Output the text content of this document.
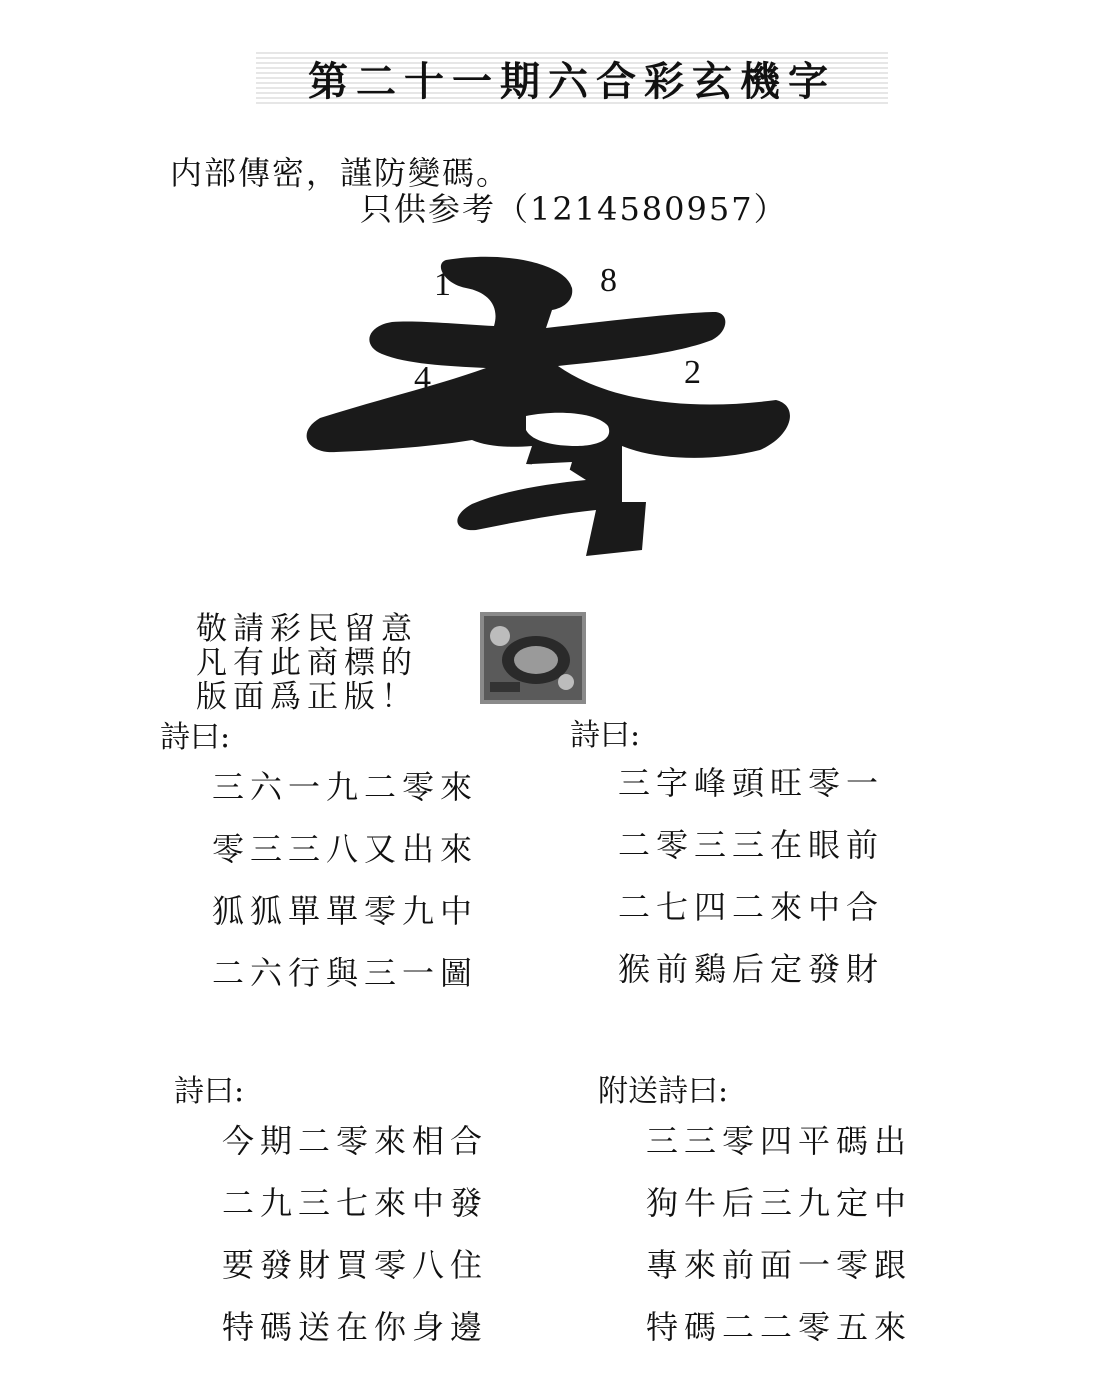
第二十一期六合彩玄機字
内部傳密，謹防變碼。
只供参考（1214580957）
1	8
4	2
敬請彩民留意
凡有此商標的
版面爲正版！
詩曰:
三六一九二零來
零三三八又出來
狐狐單單零九中
二六行與三一圖
詩曰:
三字峰頭旺零一
二零三三在眼前
二七四二來中合
猴前鷄后定發財
詩曰:
今期二零來相合
二九三七來中發
要發財買零八住
特碼送在你身邊
附送詩曰:
三三零四平碼出
狗牛后三九定中
專來前面一零跟
特碼二二零五來
